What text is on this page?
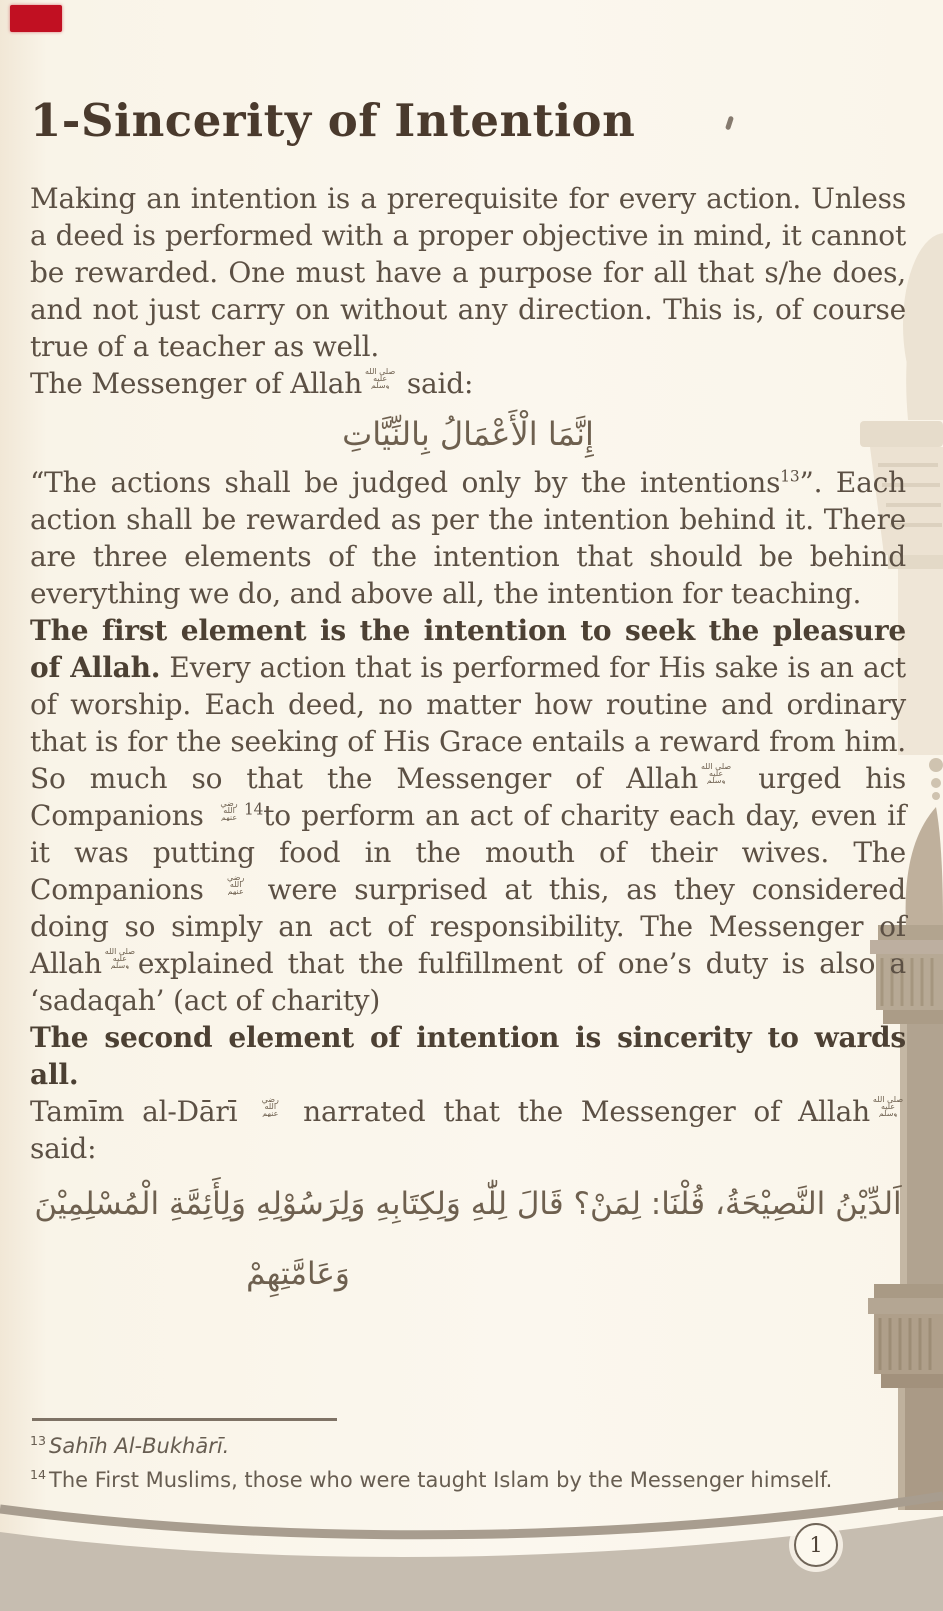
1-Sincerity of Intention

Making an intention is a prerequisite for every action. Unless a deed is performed with a proper objective in mind, it cannot be rewarded. One must have a purpose for all that s/he does, and not just carry on without any direction. This is, of course true of a teacher as well.

The Messenger of Allah صلى الله عليه وسلم said:

إِنَّمَا الْأَعْمَالُ بِالنِّيَّاتِ

“The actions shall be judged only by the intentions$^{13}$”. Each action shall be rewarded as per the intention behind it. There are three elements of the intention that should be behind everything we do, and above all, the intention for teaching.

The first element is the intention to seek the pleasure of Allah. Every action that is performed for His sake is an act of worship. Each deed, no matter how routine and ordinary that is for the seeking of His Grace entails a reward from him. So much so that the Messenger of Allah صلى الله عليه وسلم urged his Companions رضي الله عنهم $^{14}$to perform an act of charity each day, even if it was putting food in the mouth of their wives. The Companions رضي الله عنهم were surprised at this, as they considered doing so simply an act of responsibility. The Messenger of Allah صلى الله عليه وسلم explained that the fulfillment of one’s duty is also a ‘sadaqah’ (act of charity)

The second element of intention is sincerity to wards all.

Tamīm al-Dārī رضي الله عنهم narrated that the Messenger of Allah صلى الله عليه وسلم said:

اَلدِّيْنُ النَّصِيْحَةُ، قُلْنَا: لِمَنْ؟ قَالَ لِلّٰهِ وَلِكِتَابِهِ وَلِرَسُوْلِهِ وَلِأَئِمَّةِ الْمُسْلِمِيْنَ
وَعَامَّتِهِمْ
$^{13}$ Sahīh Al-Bukhārī.
$^{14}$ The First Muslims, those who were taught Islam by the Messenger himself.
1
